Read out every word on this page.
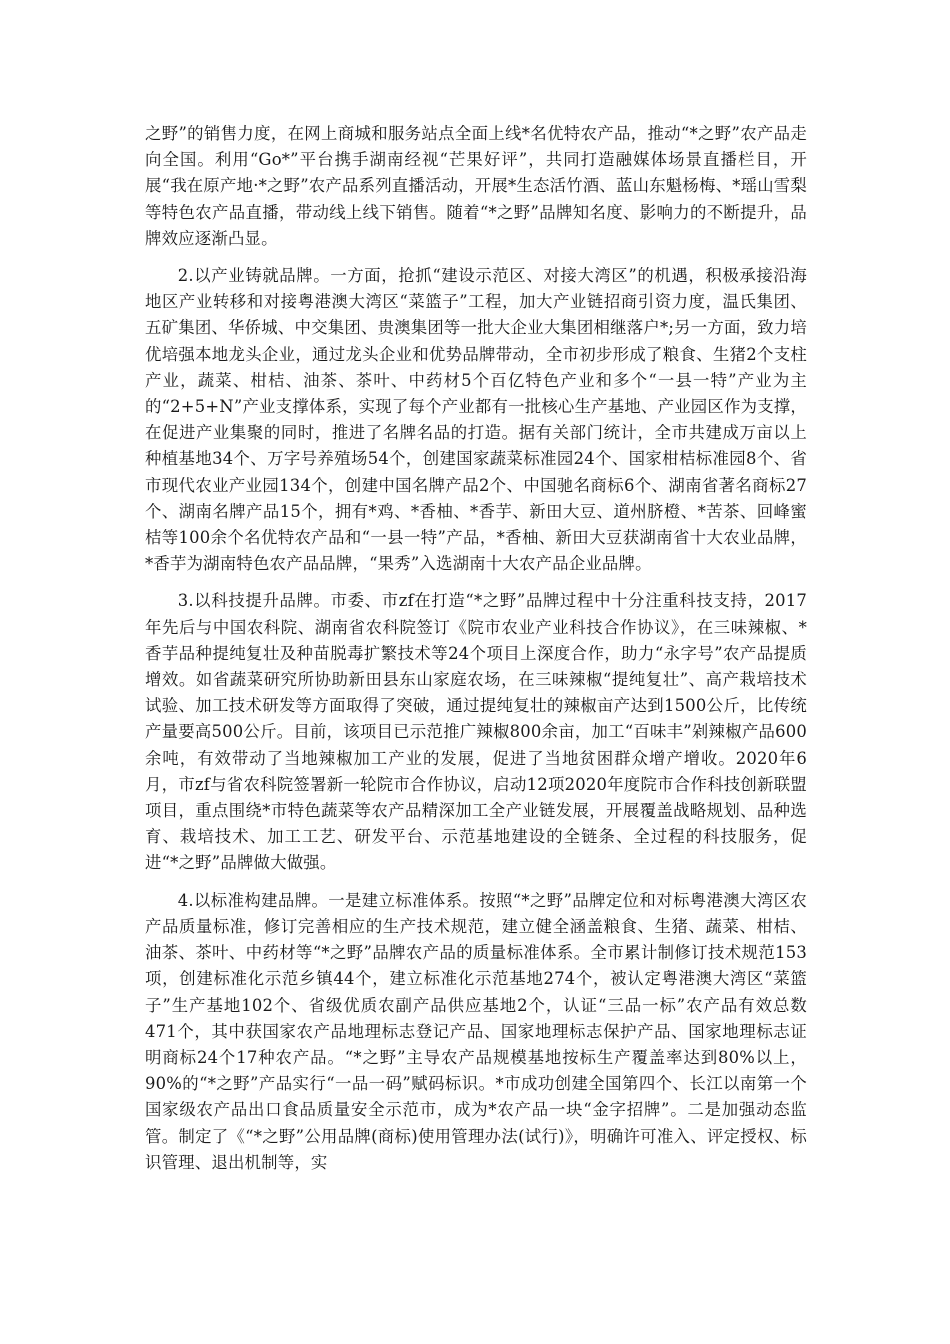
之野”的销售力度，在网上商城和服务站点全面上线*名优特农产品，推动“*之野”农产品走向全国。利用“Go*”平台携手湖南经视“芒果好评”，共同打造融媒体场景直播栏目，开展“我在原产地·*之野”农产品系列直播活动，开展*生态活竹酒、蓝山东魁杨梅、*瑶山雪梨等特色农产品直播，带动线上线下销售。随着“*之野”品牌知名度、影响力的不断提升，品牌效应逐渐凸显。

2.以产业铸就品牌。一方面，抢抓“建设示范区、对接大湾区”的机遇，积极承接沿海地区产业转移和对接粤港澳大湾区“菜篮子”工程，加大产业链招商引资力度，温氏集团、五矿集团、华侨城、中交集团、贵澳集团等一批大企业大集团相继落户*;另一方面，致力培优培强本地龙头企业，通过龙头企业和优势品牌带动，全市初步形成了粮食、生猪2个支柱产业，蔬菜、柑桔、油茶、茶叶、中药材5个百亿特色产业和多个“一县一特”产业为主的“2+5+N”产业支撑体系，实现了每个产业都有一批核心生产基地、产业园区作为支撑，在促进产业集聚的同时，推进了名牌名品的打造。据有关部门统计，全市共建成万亩以上种植基地34个、万字号养殖场54个，创建国家蔬菜标准园24个、国家柑桔标准园8个、省市现代农业产业园134个，创建中国名牌产品2个、中国驰名商标6个、湖南省著名商标27个、湖南名牌产品15个，拥有*鸡、*香柚、*香芋、新田大豆、道州脐橙、*苦茶、回峰蜜桔等100余个名优特农产品和“一县一特”产品，*香柚、新田大豆获湖南省十大农业品牌，*香芋为湖南特色农产品品牌，“果秀”入选湖南十大农产品企业品牌。

3.以科技提升品牌。市委、市zf在打造“*之野”品牌过程中十分注重科技支持，2017年先后与中国农科院、湖南省农科院签订《院市农业产业科技合作协议》，在三味辣椒、*香芋品种提纯复壮及种苗脱毒扩繁技术等24个项目上深度合作，助力“永字号”农产品提质增效。如省蔬菜研究所协助新田县东山家庭农场，在三味辣椒“提纯复壮”、高产栽培技术试验、加工技术研发等方面取得了突破，通过提纯复壮的辣椒亩产达到1500公斤，比传统产量要高500公斤。目前，该项目已示范推广辣椒800余亩，加工“百味丰”剁辣椒产品600余吨，有效带动了当地辣椒加工产业的发展，促进了当地贫困群众增产增收。2020年6月，市zf与省农科院签署新一轮院市合作协议，启动12项2020年度院市合作科技创新联盟项目，重点围绕*市特色蔬菜等农产品精深加工全产业链发展，开展覆盖战略规划、品种选育、栽培技术、加工工艺、研发平台、示范基地建设的全链条、全过程的科技服务，促进“*之野”品牌做大做强。

4.以标准构建品牌。一是建立标准体系。按照“*之野”品牌定位和对标粤港澳大湾区农产品质量标准，修订完善相应的生产技术规范，建立健全涵盖粮食、生猪、蔬菜、柑桔、油茶、茶叶、中药材等“*之野”品牌农产品的质量标准体系。全市累计制修订技术规范153项，创建标准化示范乡镇44个，建立标准化示范基地274个，被认定粤港澳大湾区“菜篮子”生产基地102个、省级优质农副产品供应基地2个，认证“三品一标”农产品有效总数471个，其中获国家农产品地理标志登记产品、国家地理标志保护产品、国家地理标志证明商标24个17种农产品。“*之野”主导农产品规模基地按标生产覆盖率达到80%以上，90%的“*之野”产品实行“一品一码”赋码标识。*市成功创建全国第四个、长江以南第一个国家级农产品出口食品质量安全示范市，成为*农产品一块“金字招牌”。二是加强动态监管。制定了《“*之野”公用品牌(商标)使用管理办法(试行)》，明确许可准入、评定授权、标识管理、退出机制等，实
